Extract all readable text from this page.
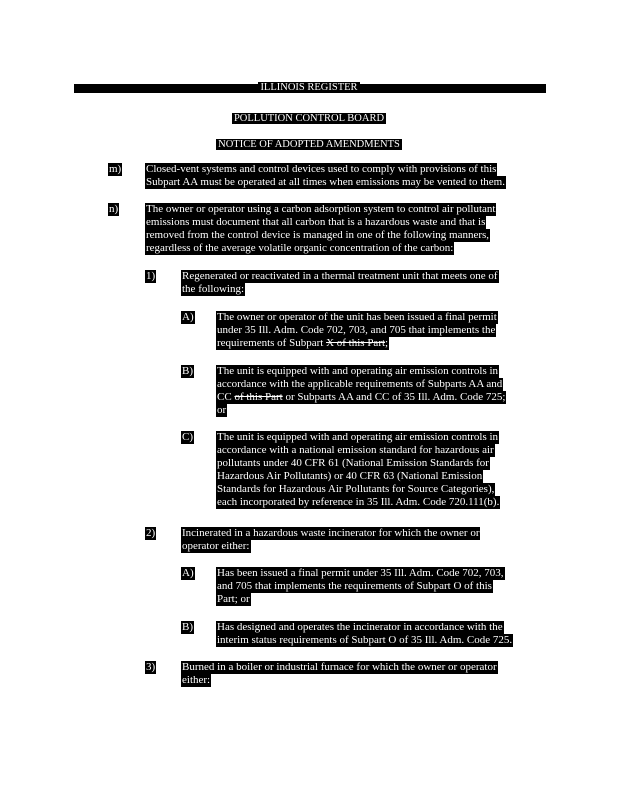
ILLINOIS REGISTER
POLLUTION CONTROL BOARD
NOTICE OF ADOPTED AMENDMENTS
m) Closed-vent systems and control devices used to comply with provisions of this
Subpart AA must be operated at all times when emissions may be vented to them.
n)	The owner or operator using a carbon adsorption system to control air pollutant
emissions must document that all carbon that is a hazardous waste and that is
removed from the control device is managed in one of the following manners,
regardless of the average volatile organic concentration of the carbon:
1) Regenerated or reactivated in a thermal treatment unit that meets one of
the following:
A) The owner or operator of the unit has been issued a final permit
under 35 Ill. Adm. Code 702, 703, and 705 that implements the
requirements of Subpart X of this Part;
B) The unit is equipped with and operating air emission controls in
accordance with the applicable requirements of Subparts AA and
CC of this Part or Subparts AA and CC of 35 Ill. Adm. Code 725;
or
C) The unit is equipped with and operating air emission controls in
accordance with a national emission standard for hazardous air
pollutants under 40 CFR 61 (National Emission Standards for
Hazardous Air Pollutants) or 40 CFR 63 (National Emission
Standards for Hazardous Air Pollutants for Source Categories),
each incorporated by reference in 35 Ill. Adm. Code 720.111(b).
2) Incinerated in a hazardous waste incinerator for which the owner or
operator either:
A) Has been issued a final permit under 35 Ill. Adm. Code 702, 703,
and 705 that implements the requirements of Subpart O of this
Part; or
B) Has designed and operates the incinerator in accordance with the
interim status requirements of Subpart O of 35 Ill. Adm. Code 725.
3) Burned in a boiler or industrial furnace for which the owner or operator
either:
